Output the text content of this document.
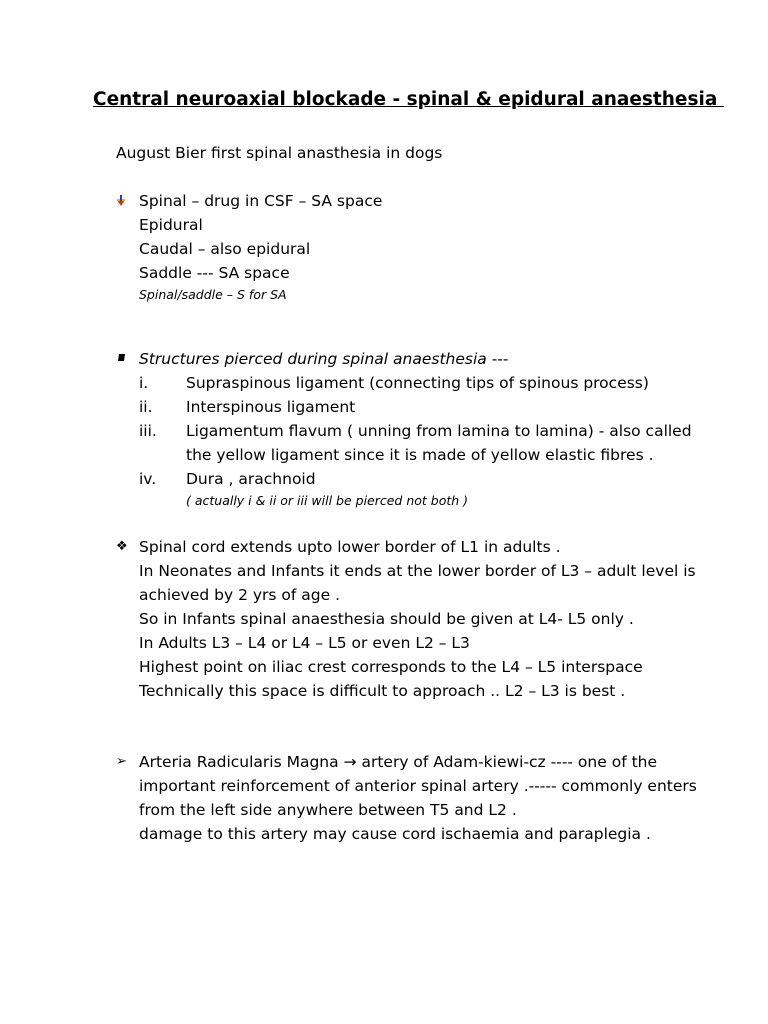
Central neuroaxial blockade - spinal & epidural anaesthesia
August Bier first spinal anasthesia in dogs
Spinal – drug in CSF – SA space
Epidural
Caudal – also epidural
Saddle --- SA space
Spinal/saddle – S for SA
Structures pierced during spinal anaesthesia ---
i. Supraspinous ligament (connecting tips of spinous process)
ii. Interspinous ligament
iii. Ligamentum flavum ( unning from lamina to lamina) - also called
the yellow ligament since it is made of yellow elastic fibres .
iv. Dura , arachnoid
( actually i & ii or iii will be pierced not both )
❖ Spinal cord extends upto lower border of L1 in adults .
In Neonates and Infants it ends at the lower border of L3 – adult level is
achieved by 2 yrs of age .
So in Infants spinal anaesthesia should be given at L4- L5 only .
In Adults L3 – L4 or L4 – L5 or even L2 – L3
Highest point on iliac crest corresponds to the L4 – L5 interspace
Technically this space is difficult to approach .. L2 – L3 is best .
➢ Arteria Radicularis Magna → artery of Adam-kiewi-cz ---- one of the
important reinforcement of anterior spinal artery .----- commonly enters
from the left side anywhere between T5 and L2 .
damage to this artery may cause cord ischaemia and paraplegia .
